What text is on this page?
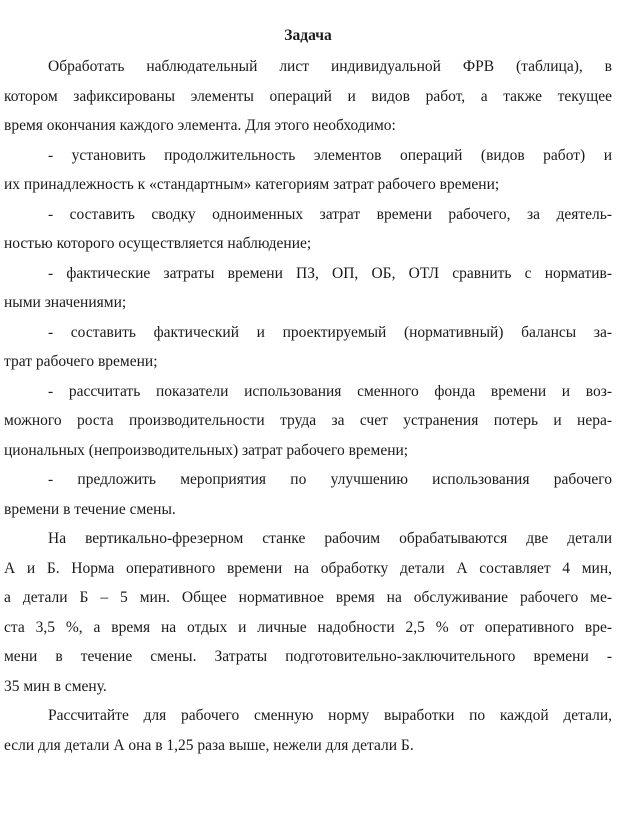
Задача
Обработать наблюдательный лист индивидуальной ФРВ (таблица), в
котором зафиксированы элементы операций и видов работ, а также текущее
время окончания каждого элемента. Для этого необходимо:
- установить продолжительность элементов операций (видов работ) и
их принадлежность к «стандартным» категориям затрат рабочего времени;
- составить сводку одноименных затрат времени рабочего, за деятель-
ностью которого осуществляется наблюдение;
- фактические затраты времени ПЗ, ОП, ОБ, ОТЛ сравнить с норматив-
ными значениями;
- составить фактический и проектируемый (нормативный) балансы за-
трат рабочего времени;
- рассчитать показатели использования сменного фонда времени и воз-
можного роста производительности труда за счет устранения потерь и нера-
циональных (непроизводительных) затрат рабочего времени;
- предложить мероприятия по улучшению использования рабочего
времени в течение смены.
На вертикально-фрезерном станке рабочим обрабатываются две детали
А и Б. Норма оперативного времени на обработку детали А составляет 4 мин,
а детали Б – 5 мин. Общее нормативное время на обслуживание рабочего ме-
ста 3,5 %, а время на отдых и личные надобности 2,5 % от оперативного вре-
мени в течение смены. Затраты подготовительно-заключительного времени -
35 мин в смену.
Рассчитайте для рабочего сменную норму выработки по каждой детали,
если для детали А она в 1,25 раза выше, нежели для детали Б.
